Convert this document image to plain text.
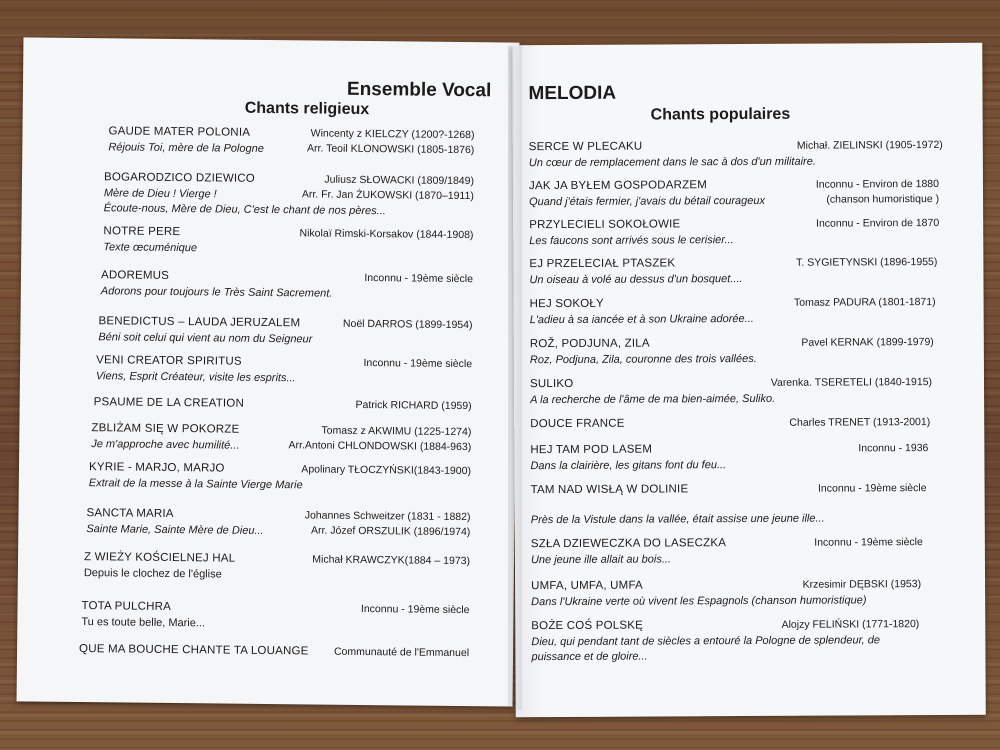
Ensemble Vocal
Chants religieux
GAUDE MATER POLONIA	Wincenty z KIELCZY (1200?-1268)
Arr. Teoil KLONOWSKI (1805-1876)
Réjouis Toi, mère de la Pologne
BOGARODZICO DZIEWICO	Juliusz SŁOWACKI (1809/1849)
Arr. Fr. Jan ŻUKOWSKI (1870–1911)
Mère de Dieu ! Vierge !
Écoute-nous, Mère de Dieu, C'est le chant de nos pères...
NOTRE PERE	Nikolaï Rimski-Korsakov (1844-1908)
Texte œcuménique
ADOREMUS	Inconnu - 19ème siècle
Adorons pour toujours le Très Saint Sacrement.
BENEDICTUS – LAUDA JERUZALEM	Noël DARROS (1899-1954)
Béni soit celui qui vient au nom du Seigneur
VENI CREATOR SPIRITUS	Inconnu - 19ème siècle
Viens, Esprit Créateur, visite les esprits...
PSAUME DE LA CREATION	Patrick RICHARD (1959)
ZBLIŻAM SIĘ W POKORZE	Tomasz z AKWIMU (1225-1274)
Arr.Antoni CHLONDOWSKI (1884-963)
Je m'approche avec humilité...
KYRIE - MARJO, MARJO	Apolinary TŁOCZYŃSKI(1843-1900)
Extrait de la messe à la Sainte Vierge Marie
SANCTA MARIA	Johannes Schweitzer (1831 - 1882)
Arr. Józef ORSZULIK (1896/1974)
Sainte Marie, Sainte Mère de Dieu...
Z WIEŻY KOŚCIELNEJ HAL	Michał KRAWCZYK(1884 – 1973)
Depuis le clochez de l'église
TOTA PULCHRA	Inconnu - 19ème siècle
Tu es toute belle, Marie...
QUE MA BOUCHE CHANTE TA LOUANGE Communauté de l'Emmanuel
MELODIA
Chants populaires
SERCE W PLECAKU	Michał. ZIELINSKI (1905-1972)
Un cœur de remplacement dans le sac à dos d'un militaire.
JAK JA BYŁEM GOSPODARZEM	Inconnu - Environ de 1880
(chanson humoristique )
Quand j'étais fermier, j'avais du bétail courageux
PRZYLECIELI SOKOŁOWIE	Inconnu - Environ de 1870
Les faucons sont arrivés sous le cerisier...
EJ PRZELECIAŁ PTASZEK	T. SYGIETYNSKI (1896-1955)
Un oiseau à volé au dessus d'un bosquet....
HEJ SOKOŁY	Tomasz PADURA (1801-1871)
L'adieu à sa iancée et à son Ukraine adorée...
ROŽ, PODJUNA, ZILA	Pavel KERNAK (1899-1979)
Roz, Podjuna, Zila, couronne des trois vallées.
SULIKO	Varenka. TSERETELI (1840-1915)
A la recherche de l'âme de ma bien-aimée, Suliko.
DOUCE FRANCE	Charles TRENET (1913-2001)
HEJ TAM POD LASEM	Inconnu - 1936
Dans la clairière, les gitans font du feu...
TAM NAD WISŁĄ W DOLINIE	Inconnu - 19ème siècle
Près de la Vistule dans la vallée, était assise une jeune ille...
SZŁA DZIEWECZKA DO LASECZKA	Inconnu - 19ème siècle
Une jeune ille allait au bois...
UMFA, UMFA, UMFA	Krzesimir DĘBSKI (1953)
Dans l'Ukraine verte où vivent les Espagnols (chanson humoristique)
BOŻE COŚ POLSKĘ	Alojzy FELIŃSKI (1771-1820)
Dieu, qui pendant tant de siècles a entouré la Pologne de splendeur, de
puissance et de gloire...
